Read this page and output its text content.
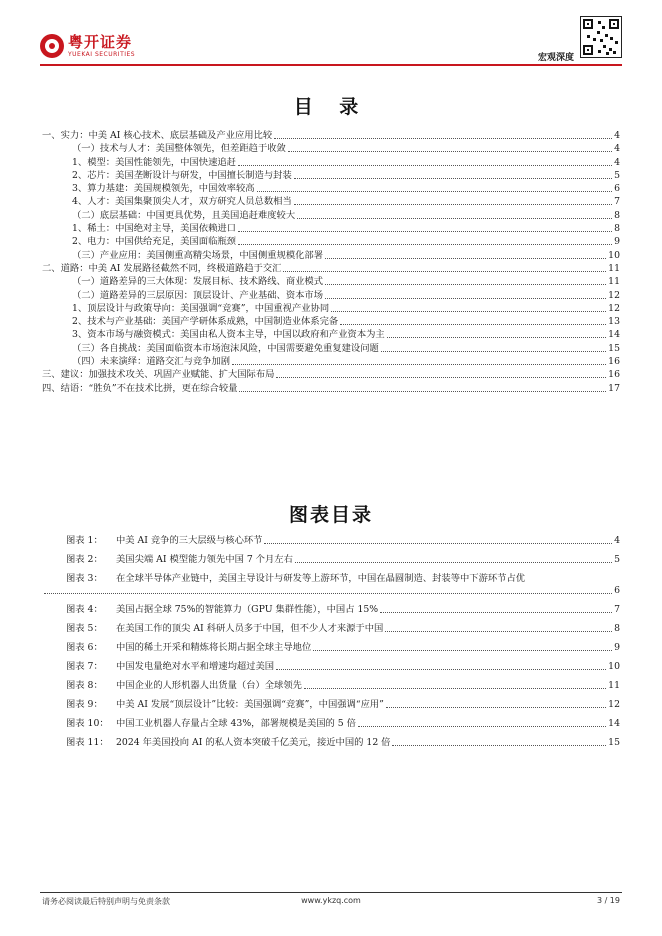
粤开证券
YUEKAI SECURITIES	宏观深度
目 录
一、实力：中美 AI 核心技术、底层基础及产业应用比较	4
（一）技术与人才：美国整体领先，但差距趋于收敛	4
1、模型：美国性能领先，中国快速追赶	4
2、芯片：美国垄断设计与研发，中国擅长制造与封装	5
3、算力基建：美国规模领先，中国效率较高	6
4、人才：美国集聚顶尖人才，双方研究人员总数相当	7
（二）底层基础：中国更具优势，且美国追赶难度较大	8
1、稀土：中国绝对主导，美国依赖进口	8
2、电力：中国供给充足，美国面临瓶颈	9
（三）产业应用：美国侧重高精尖场景，中国侧重规模化部署	10
二、道路：中美 AI 发展路径截然不同，终极道路趋于交汇	11
（一）道路差异的三大体现：发展目标、技术路线、商业模式	11
（二）道路差异的三层原因：顶层设计、产业基础、资本市场	12
1、顶层设计与政策导向：美国强调“竞赛”，中国重视产业协同	12
2、技术与产业基础：美国产学研体系成熟，中国制造业体系完备	13
3、资本市场与融资模式：美国由私人资本主导，中国以政府和产业资本为主	14
（三）各自挑战：美国面临资本市场泡沫风险，中国需要避免重复建设问题	15
（四）未来演绎：道路交汇与竞争加剧	16
三、建议：加强技术攻关、巩固产业赋能、扩大国际布局	16
四、结语：“胜负”不在技术比拼，更在综合较量	17
图表目录
图表 1： 中美 AI 竞争的三大层级与核心环节	4
图表 2： 美国尖端 AI 模型能力领先中国 7 个月左右	5
图表 3： 在全球半导体产业链中，美国主导设计与研发等上游环节，中国在晶圆制造、封装等中下游环节占优
6
图表 4： 美国占据全球 75%的智能算力（GPU 集群性能），中国占 15%	7
图表 5： 在美国工作的顶尖 AI 科研人员多于中国，但不少人才来源于中国	8
图表 6： 中国的稀土开采和精炼将长期占据全球主导地位	9
图表 7： 中国发电量绝对水平和增速均超过美国	10
图表 8： 中国企业的人形机器人出货量（台）全球领先	11
图表 9： 中美 AI 发展“顶层设计”比较：美国强调“竞赛”，中国强调“应用”	12
图表 10： 中国工业机器人存量占全球 43%，部署规模是美国的 5 倍	14
图表 11： 2024 年美国投向 AI 的私人资本突破千亿美元，接近中国的 12 倍	15
请务必阅读最后特别声明与免责条款	www.ykzq.com	3 / 19
